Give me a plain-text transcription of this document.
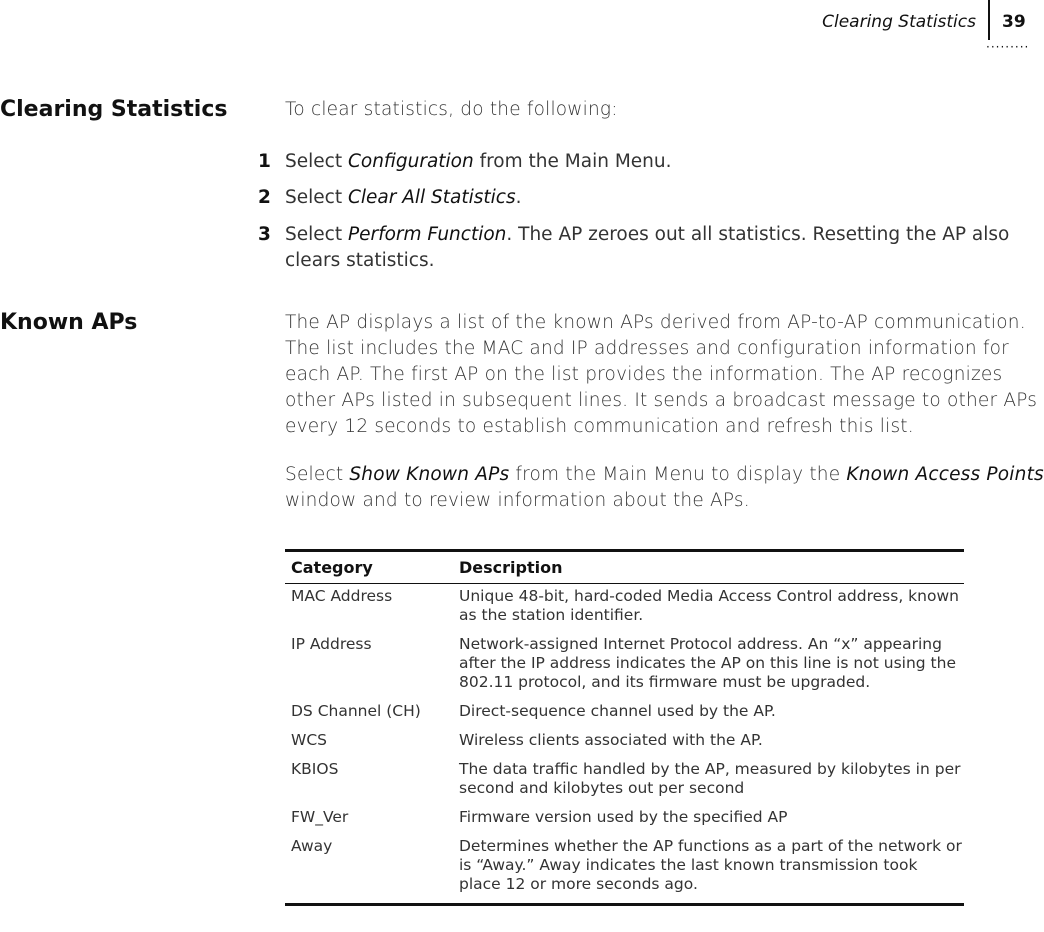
Clearing Statistics 39
·········
Clearing Statistics	To clear statistics, do the following:
1 Select Configuration from the Main Menu.
2 Select Clear All Statistics.
3 Select Perform Function. The AP zeroes out all statistics. Resetting the AP also clears statistics.
Known APs	The AP displays a list of the known APs derived from AP-to-AP communication. The list includes the MAC and IP addresses and configuration information for each AP. The first AP on the list provides the information. The AP recognizes other APs listed in subsequent lines. It sends a broadcast message to other APs every 12 seconds to establish communication and refresh this list.
Select Show Known APs from the Main Menu to display the Known Access Points window and to review information about the APs.
Category	Description
MAC Address	Unique 48-bit, hard-coded Media Access Control address, known as the station identifier.
IP Address	Network-assigned Internet Protocol address. An “x” appearing after the IP address indicates the AP on this line is not using the 802.11 protocol, and its firmware must be upgraded.
DS Channel (CH)	Direct-sequence channel used by the AP.
WCS	Wireless clients associated with the AP.
KBIOS	The data traffic handled by the AP, measured by kilobytes in per second and kilobytes out per second
FW_Ver	Firmware version used by the specified AP
Away	Determines whether the AP functions as a part of the network or is “Away.” Away indicates the last known transmission took place 12 or more seconds ago.
